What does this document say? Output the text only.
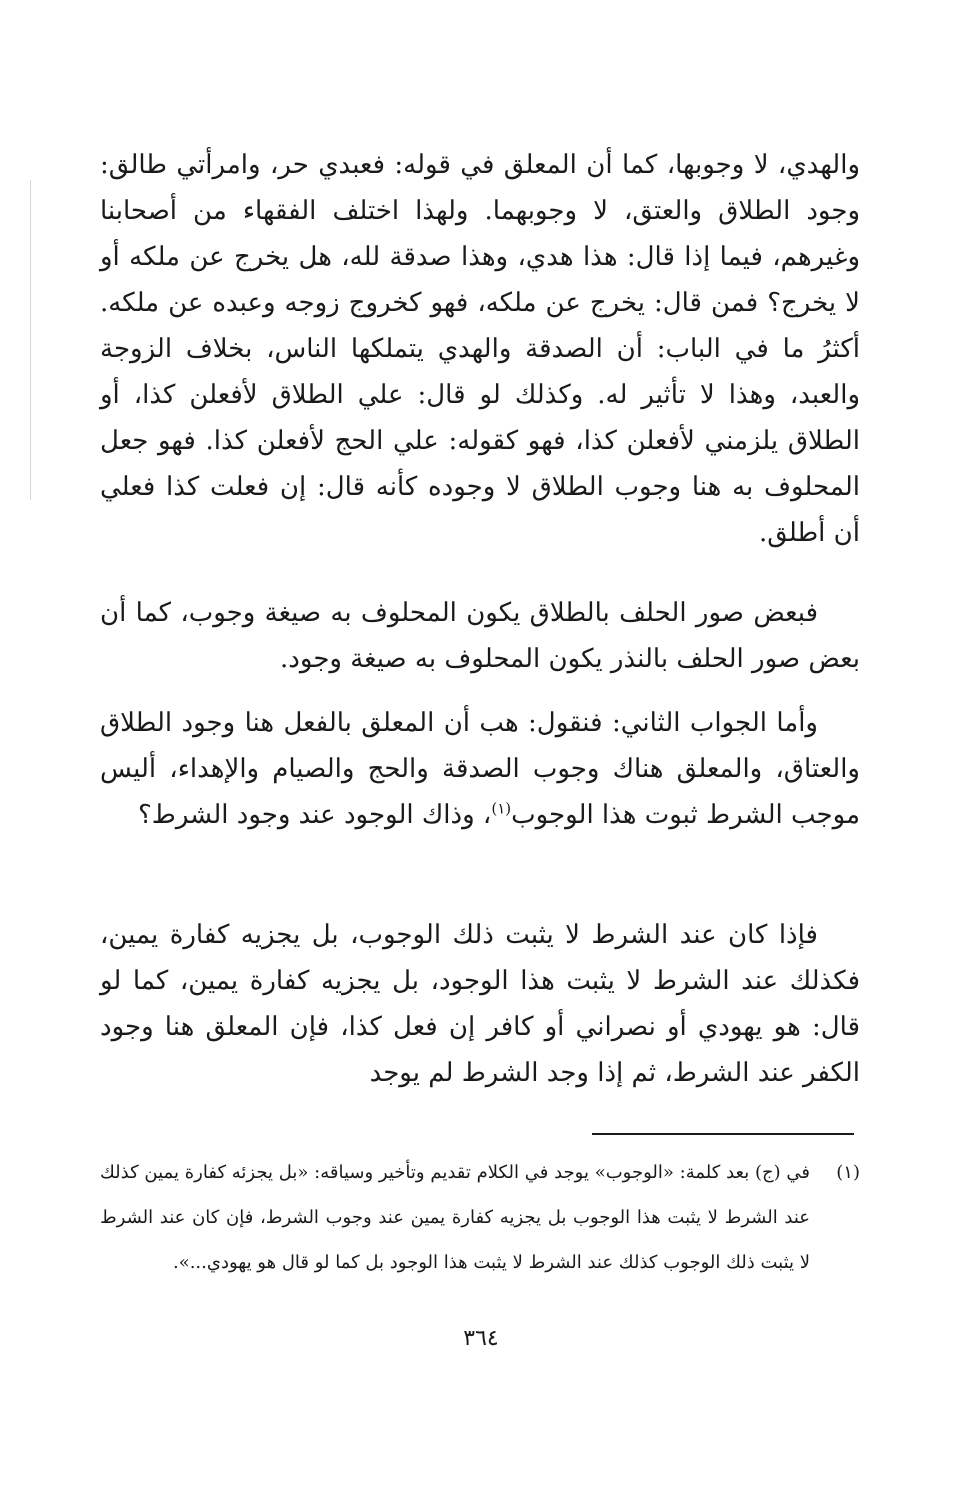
والهدي، لا وجوبها، كما أن المعلق في قوله: فعبدي حر، وامرأتي طالق: وجود الطلاق والعتق، لا وجوبهما. ولهذا اختلف الفقهاء من أصحابنا وغيرهم، فيما إذا قال: هذا هدي، وهذا صدقة لله، هل يخرج عن ملكه أو لا يخرج؟ فمن قال: يخرج عن ملكه، فهو كخروج زوجه وعبده عن ملكه. أكثرُ ما في الباب: أن الصدقة والهدي يتملكها الناس، بخلاف الزوجة والعبد، وهذا لا تأثير له. وكذلك لو قال: علي الطلاق لأفعلن كذا، أو الطلاق يلزمني لأفعلن كذا، فهو كقوله: علي الحج لأفعلن كذا. فهو جعل المحلوف به هنا وجوب الطلاق لا وجوده كأنه قال: إن فعلت كذا فعلي أن أطلق.

فبعض صور الحلف بالطلاق يكون المحلوف به صيغة وجوب، كما أن بعض صور الحلف بالنذر يكون المحلوف به صيغة وجود.

وأما الجواب الثاني: فنقول: هب أن المعلق بالفعل هنا وجود الطلاق والعتاق، والمعلق هناك وجوب الصدقة والحج والصيام والإهداء، أليس موجب الشرط ثبوت هذا الوجوب$^{(١)}$، وذاك الوجود عند وجود الشرط؟

فإذا كان عند الشرط لا يثبت ذلك الوجوب، بل يجزيه كفارة يمين، فكذلك عند الشرط لا يثبت هذا الوجود، بل يجزيه كفارة يمين، كما لو قال: هو يهودي أو نصراني أو كافر إن فعل كذا، فإن المعلق هنا وجود الكفر عند الشرط، ثم إذا وجد الشرط لم يوجد

(١)
في (ج) بعد كلمة: «الوجوب» يوجد في الكلام تقديم وتأخير وسياقه: «بل يجزئه كفارة يمين كذلك عند الشرط لا يثبت هذا الوجوب بل يجزيه كفارة يمين عند وجوب الشرط، فإن كان عند الشرط لا يثبت ذلك الوجوب كذلك عند الشرط لا يثبت هذا الوجود بل كما لو قال هو يهودي...».
٣٦٤
